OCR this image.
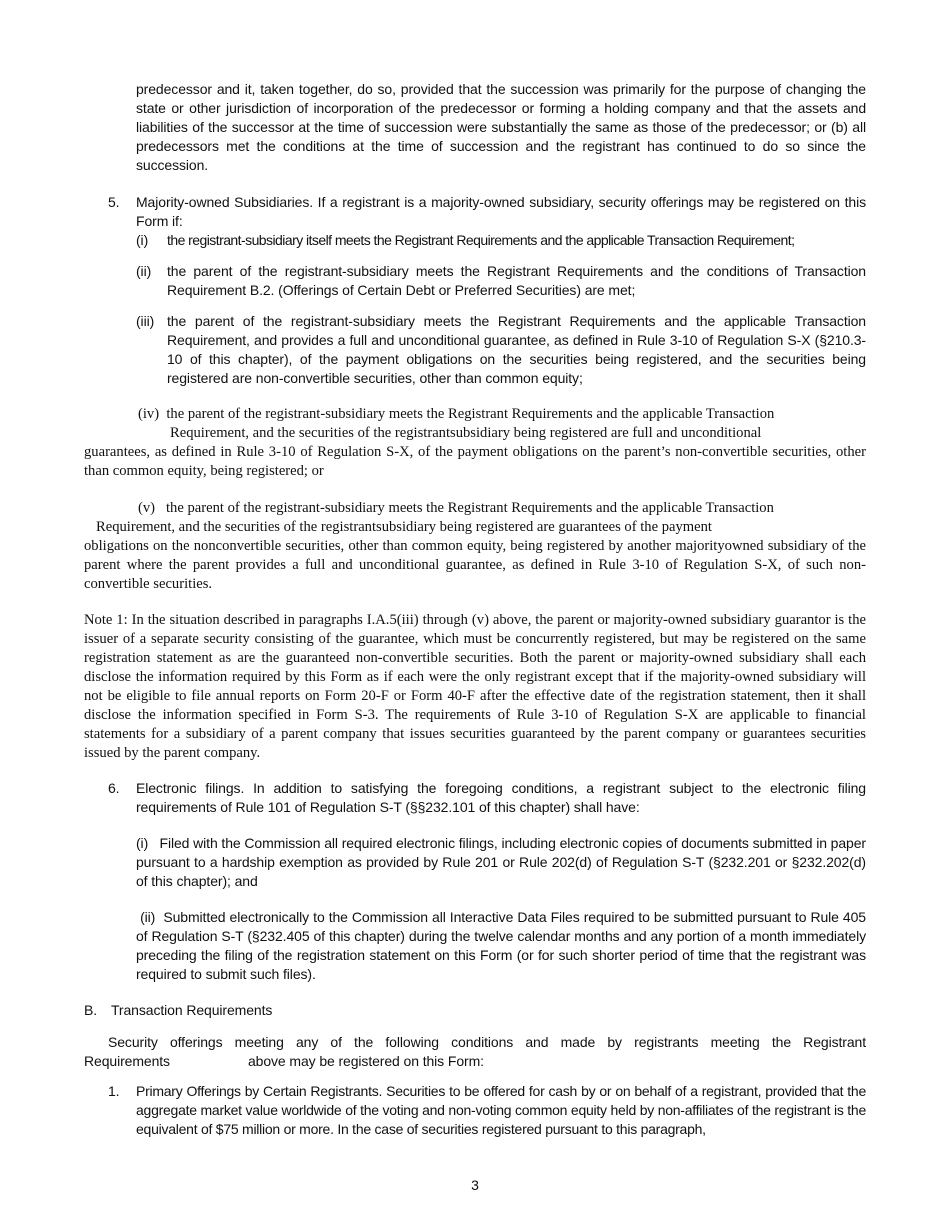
predecessor and it, taken together, do so, provided that the succession was primarily for the purpose of changing the state or other jurisdiction of incorporation of the predecessor or forming a holding company and that the assets and liabilities of the successor at the time of succession were substantially the same as those of the predecessor; or (b) all predecessors met the conditions at the time of succession and the registrant has continued to do so since the succession.
5. Majority-owned Subsidiaries. If a registrant is a majority-owned subsidiary, security offerings may be registered on this Form if:
(i) the registrant-subsidiary itself meets the Registrant Requirements and the applicable Transaction Requirement;
(ii) the parent of the registrant-subsidiary meets the Registrant Requirements and the conditions of Transaction Requirement B.2. (Offerings of Certain Debt or Preferred Securities) are met;
(iii) the parent of the registrant-subsidiary meets the Registrant Requirements and the applicable Transaction Requirement, and provides a full and unconditional guarantee, as defined in Rule 3-10 of Regulation S-X (§210.3-10 of this chapter), of the payment obligations on the securities being registered, and the securities being registered are non-convertible securities, other than common equity;
(iv) the parent of the registrant-subsidiary meets the Registrant Requirements and the applicable Transaction
Requirement, and the securities of the registrantsubsidiary being registered are full and unconditional
guarantees, as defined in Rule 3-10 of Regulation S-X, of the payment obligations on the parent’s non-convertible securities, other than common equity, being registered; or
(v) the parent of the registrant-subsidiary meets the Registrant Requirements and the applicable Transaction
Requirement, and the securities of the registrantsubsidiary being registered are guarantees of the payment
obligations on the nonconvertible securities, other than common equity, being registered by another majorityowned subsidiary of the parent where the parent provides a full and unconditional guarantee, as defined in Rule 3-10 of Regulation S-X, of such non-convertible securities.
Note 1: In the situation described in paragraphs I.A.5(iii) through (v) above, the parent or majority-owned subsidiary guarantor is the issuer of a separate security consisting of the guarantee, which must be concurrently registered, but may be registered on the same registration statement as are the guaranteed non-convertible securities. Both the parent or majority-owned subsidiary shall each disclose the information required by this Form as if each were the only registrant except that if the majority-owned subsidiary will not be eligible to file annual reports on Form 20-F or Form 40-F after the effective date of the registration statement, then it shall disclose the information specified in Form S-3. The requirements of Rule 3-10 of Regulation S-X are applicable to financial statements for a subsidiary of a parent company that issues securities guaranteed by the parent company or guarantees securities issued by the parent company.
6. Electronic filings. In addition to satisfying the foregoing conditions, a registrant subject to the electronic filing requirements of Rule 101 of Regulation S-T (§§232.101 of this chapter) shall have:
(i)   Filed with the Commission all required electronic filings, including electronic copies of documents submitted in paper pursuant to a hardship exemption as provided by Rule 201 or Rule 202(d) of Regulation S-T (§232.201 or §232.202(d) of this chapter); and
(ii)  Submitted electronically to the Commission all Interactive Data Files required to be submitted pursuant to Rule 405 of Regulation S-T (§232.405 of this chapter) during the twelve calendar months and any portion of a month immediately preceding the filing of the registration statement on this Form (or for such shorter period of time that the registrant was required to submit such files).
B. Transaction Requirements
Security offerings meeting any of the following conditions and made by registrants meeting the Registrant
Requirements	above may be registered on this Form:
1. Primary Offerings by Certain Registrants. Securities to be offered for cash by or on behalf of a registrant, provided that the aggregate market value worldwide of the voting and non-voting common equity held by non-affiliates of the registrant is the equivalent of $75 million or more. In the case of securities registered pursuant to this paragraph,
3
